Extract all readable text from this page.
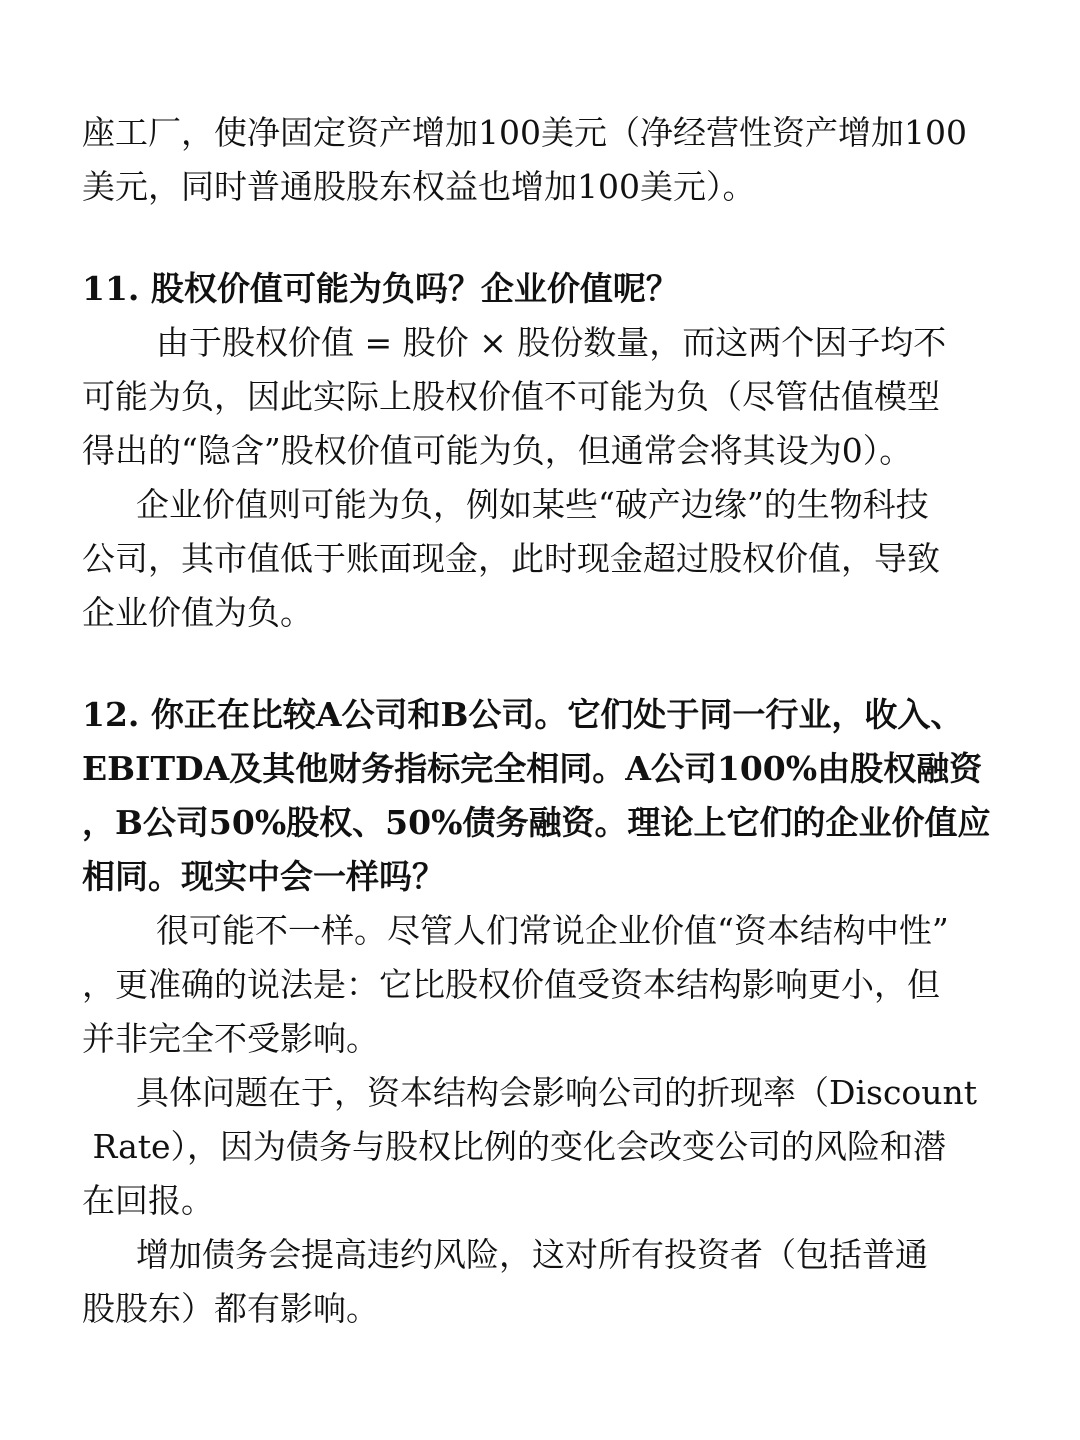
座工厂，使净固定资产增加100美元（净经营性资产增加100
美元，同时普通股股东权益也增加100美元）。
11. 股权价值可能为负吗？企业价值呢？
由于股权价值 = 股价 × 股份数量，而这两个因子均不
可能为负，因此实际上股权价值不可能为负（尽管估值模型
得出的“隐含”股权价值可能为负，但通常会将其设为0）。
企业价值则可能为负，例如某些“破产边缘”的生物科技
公司，其市值低于账面现金，此时现金超过股权价值，导致
企业价值为负。
12. 你正在比较A公司和B公司。它们处于同一行业，收入、
EBITDA及其他财务指标完全相同。A公司100%由股权融资
，B公司50%股权、50%债务融资。理论上它们的企业价值应
相同。现实中会一样吗？
很可能不一样。尽管人们常说企业价值“资本结构中性”
，更准确的说法是：它比股权价值受资本结构影响更小，但
并非完全不受影响。
具体问题在于，资本结构会影响公司的折现率（Discount
Rate），因为债务与股权比例的变化会改变公司的风险和潜
在回报。
增加债务会提高违约风险，这对所有投资者（包括普通
股股东）都有影响。
